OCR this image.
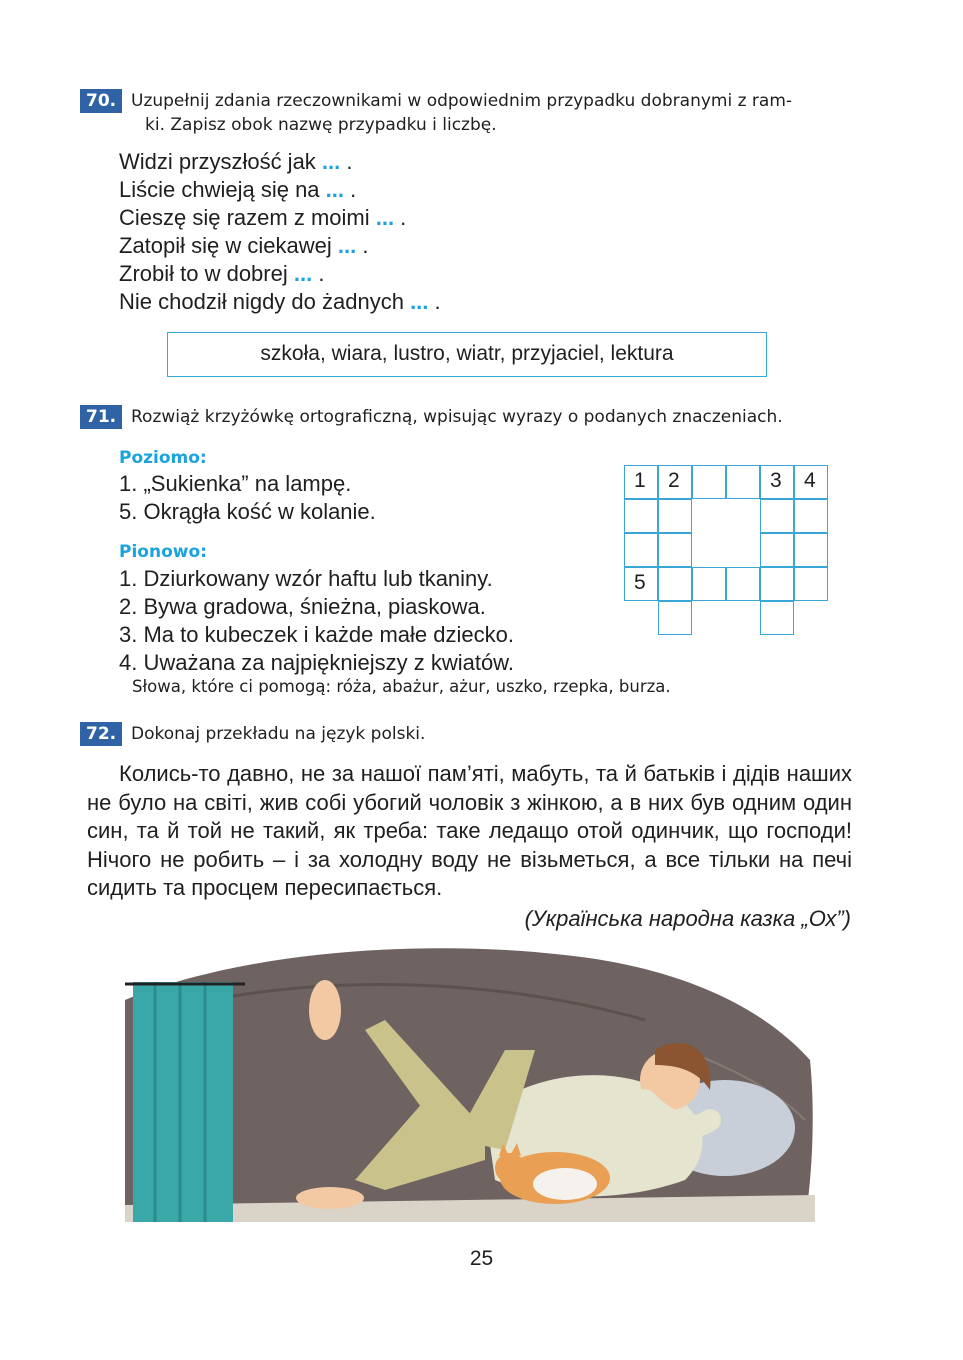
70. Uzupełnij zdania rzeczownikami w odpowiednim przypadku dobranymi z ram-
ki. Zapisz obok nazwę przypadku i liczbę.
Widzi przyszłość jak ... .
Liście chwieją się na ... .
Cieszę się razem z moimi ... .
Zatopił się w ciekawej ... .
Zrobił to w dobrej ... .
Nie chodził nigdy do żadnych ... .
szkoła, wiara, lustro, wiatr, przyjaciel, lektura
71. Rozwiąż krzyżówkę ortograficzną, wpisując wyrazy o podanych znaczeniach.
Poziomo:
1. „Sukienka” na lampę.
5. Okrągła kość w kolanie.
Pionowo:
1. Dziurkowany wzór haftu lub tkaniny.
2. Bywa gradowa, śnieżna, piaskowa.
3. Ma to kubeczek i każde małe dziecko.
4. Uważana za najpiękniejszy z kwiatów.
Słowa, które ci pomogą: róża, abażur, ażur, uszko, rzepka, burza.
1	2	3	4
5
72. Dokonaj przekładu na język polski.
Колись-то давно, не за нашої пам’яті, мабуть, та й батьків і дідів наших не було на світі, жив собі убогий чоловік з жінкою, а в них був одним один син, та й той не такий, як треба: таке ледащо отой одинчик, що господи! Нічого не робить – і за холодну воду не візьметься, а все тільки на печі сидить та просцем пересипається.
(Українська народна казка „Ох”)
25
